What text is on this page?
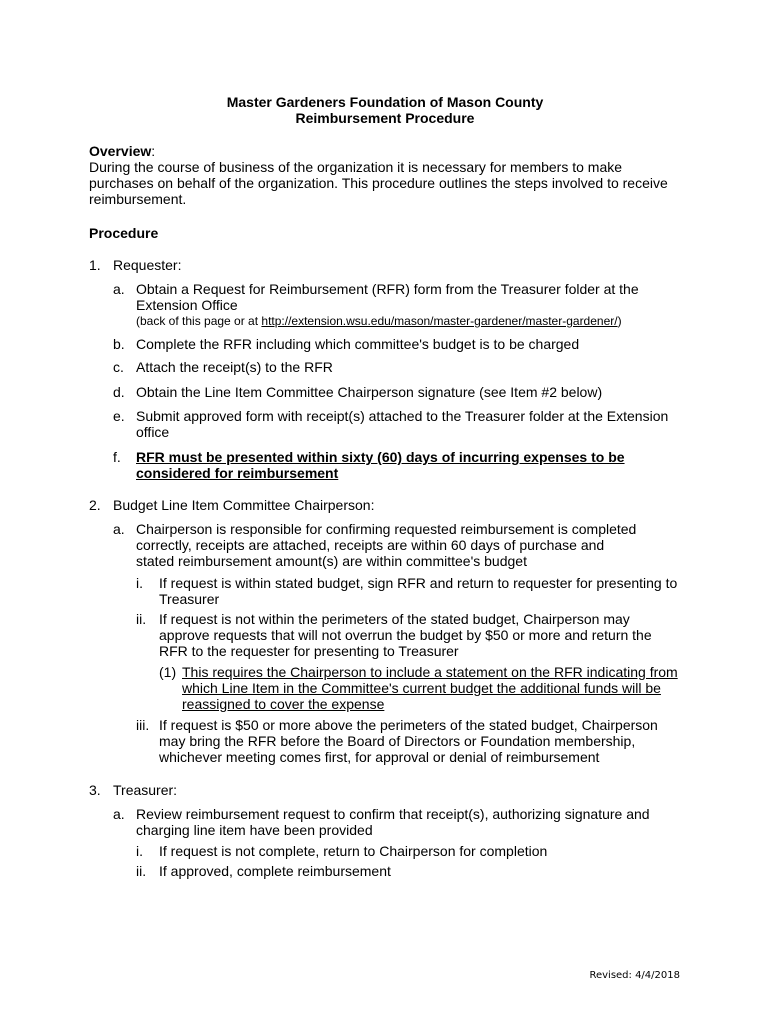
Master Gardeners Foundation of Mason County
Reimbursement Procedure
Overview:
During the course of business of the organization it is necessary for members to make purchases on behalf of the organization. This procedure outlines the steps involved to receive reimbursement.
Procedure
1. Requester:
a. Obtain a Request for Reimbursement (RFR) form from the Treasurer folder at the Extension Office
(back of this page or at http://extension.wsu.edu/mason/master-gardener/master-gardener/)
b. Complete the RFR including which committee's budget is to be charged
c. Attach the receipt(s) to the RFR
d. Obtain the Line Item Committee Chairperson signature (see Item #2 below)
e. Submit approved form with receipt(s) attached to the Treasurer folder at the Extension office
f. RFR must be presented within sixty (60) days of incurring expenses to be considered for reimbursement
2. Budget Line Item Committee Chairperson:
a. Chairperson is responsible for confirming requested reimbursement is completed correctly, receipts are attached, receipts are within 60 days of purchase and stated reimbursement amount(s) are within committee's budget
i. If request is within stated budget, sign RFR and return to requester for presenting to Treasurer
ii. If request is not within the perimeters of the stated budget, Chairperson may approve requests that will not overrun the budget by $50 or more and return the RFR to the requester for presenting to Treasurer
(1) This requires the Chairperson to include a statement on the RFR indicating from which Line Item in the Committee's current budget the additional funds will be reassigned to cover the expense
iii. If request is $50 or more above the perimeters of the stated budget, Chairperson may bring the RFR before the Board of Directors or Foundation membership, whichever meeting comes first, for approval or denial of reimbursement
3. Treasurer:
a. Review reimbursement request to confirm that receipt(s), authorizing signature and charging line item have been provided
i. If request is not complete, return to Chairperson for completion
ii. If approved, complete reimbursement
Revised: 4/4/2018
